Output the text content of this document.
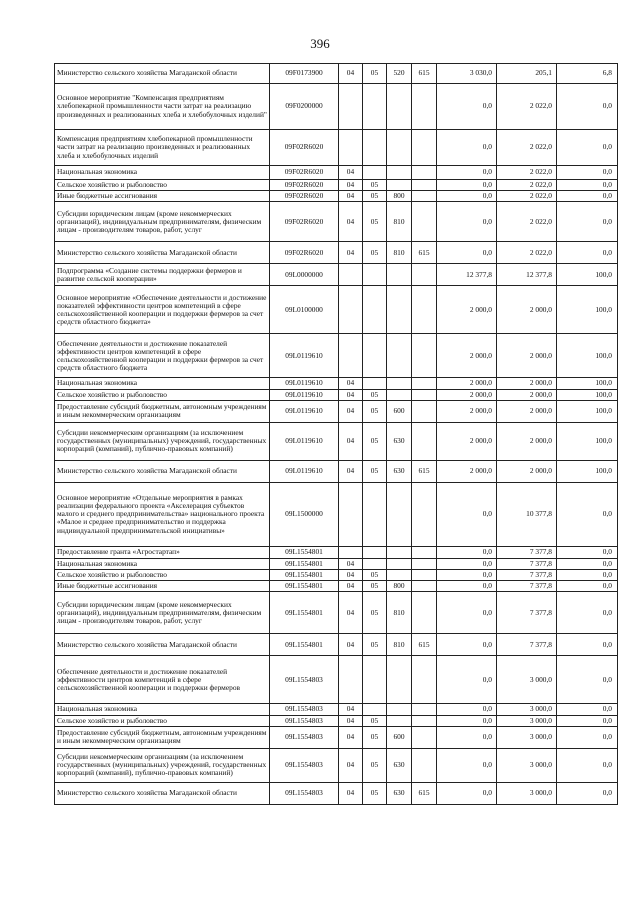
396
Министерство сельского хозяйства Магаданской области	09F0173900	04	05	520	615	3 030,0	205,1	6,8
Основное мероприятие "Компенсация предприятиям хлебопекарной промышленности части затрат на реализацию произведенных и реализованных хлеба и хлебобулочных изделий"	09F0200000					0,0	2 022,0	0,0
Компенсация предприятиям хлебопекарной промышленности части затрат на реализацию произведенных и реализованных хлеба и хлебобулочных изделий	09F02R6020					0,0	2 022,0	0,0
Национальная экономика	09F02R6020	04				0,0	2 022,0	0,0
Сельское хозяйство и рыболовство	09F02R6020	04	05			0,0	2 022,0	0,0
Иные бюджетные ассигнования	09F02R6020	04	05	800		0,0	2 022,0	0,0
Субсидии юридическим лицам (кроме некоммерческих организаций), индивидуальным предпринимателям, физическим лицам - производителям товаров, работ, услуг	09F02R6020	04	05	810		0,0	2 022,0	0,0
Министерство сельского хозяйства Магаданской области	09F02R6020	04	05	810	615	0,0	2 022,0	0,0
Подпрограмма «Создание системы поддержки фермеров и развитие сельской кооперации»	09L0000000					12 377,8	12 377,8	100,0
Основное мероприятие «Обеспечение деятельности и достижение показателей эффективности центров компетенций в сфере сельскохозяйственной кооперации и поддержки фермеров за счет средств областного бюджета»	09L0100000					2 000,0	2 000,0	100,0
Обеспечение деятельности и достижение показателей эффективности центров компетенций в сфере сельскохозяйственной кооперации и поддержки фермеров за счет средств областного бюджета	09L0119610					2 000,0	2 000,0	100,0
Национальная экономика	09L0119610	04				2 000,0	2 000,0	100,0
Сельское хозяйство и рыболовство	09L0119610	04	05			2 000,0	2 000,0	100,0
Предоставление субсидий бюджетным, автономным учреждениям и иным некоммерческим организациям	09L0119610	04	05	600		2 000,0	2 000,0	100,0
Субсидии некоммерческим организациям (за исключением государственных (муниципальных) учреждений, государственных корпораций (компаний), публично-правовых компаний)	09L0119610	04	05	630		2 000,0	2 000,0	100,0
Министерство сельского хозяйства Магаданской области	09L0119610	04	05	630	615	2 000,0	2 000,0	100,0
Основное мероприятие «Отдельные мероприятия в рамках реализации федерального проекта «Акселерация субъектов малого и среднего предпринимательства» национального проекта «Малое и среднее предпринимательство и поддержка индивидуальной предпринимательской инициативы»	09L1500000					0,0	10 377,8	0,0
Предоставление гранта «Агростартап»	09L1554801					0,0	7 377,8	0,0
Национальная экономика	09L1554801	04				0,0	7 377,8	0,0
Сельское хозяйство и рыболовство	09L1554801	04	05			0,0	7 377,8	0,0
Иные бюджетные ассигнования	09L1554801	04	05	800		0,0	7 377,8	0,0
Субсидии юридическим лицам (кроме некоммерческих организаций), индивидуальным предпринимателям, физическим лицам - производителям товаров, работ, услуг	09L1554801	04	05	810		0,0	7 377,8	0,0
Министерство сельского хозяйства Магаданской области	09L1554801	04	05	810	615	0,0	7 377,8	0,0
Обеспечение деятельности и достижение показателей эффективности центров компетенций в сфере сельскохозяйственной кооперации и поддержки фермеров	09L1554803					0,0	3 000,0	0,0
Национальная экономика	09L1554803	04				0,0	3 000,0	0,0
Сельское хозяйство и рыболовство	09L1554803	04	05			0,0	3 000,0	0,0
Предоставление субсидий бюджетным, автономным учреждениям и иным некоммерческим организациям	09L1554803	04	05	600		0,0	3 000,0	0,0
Субсидии некоммерческим организациям (за исключением государственных (муниципальных) учреждений, государственных корпораций (компаний), публично-правовых компаний)	09L1554803	04	05	630		0,0	3 000,0	0,0
Министерство сельского хозяйства Магаданской области	09L1554803	04	05	630	615	0,0	3 000,0	0,0
